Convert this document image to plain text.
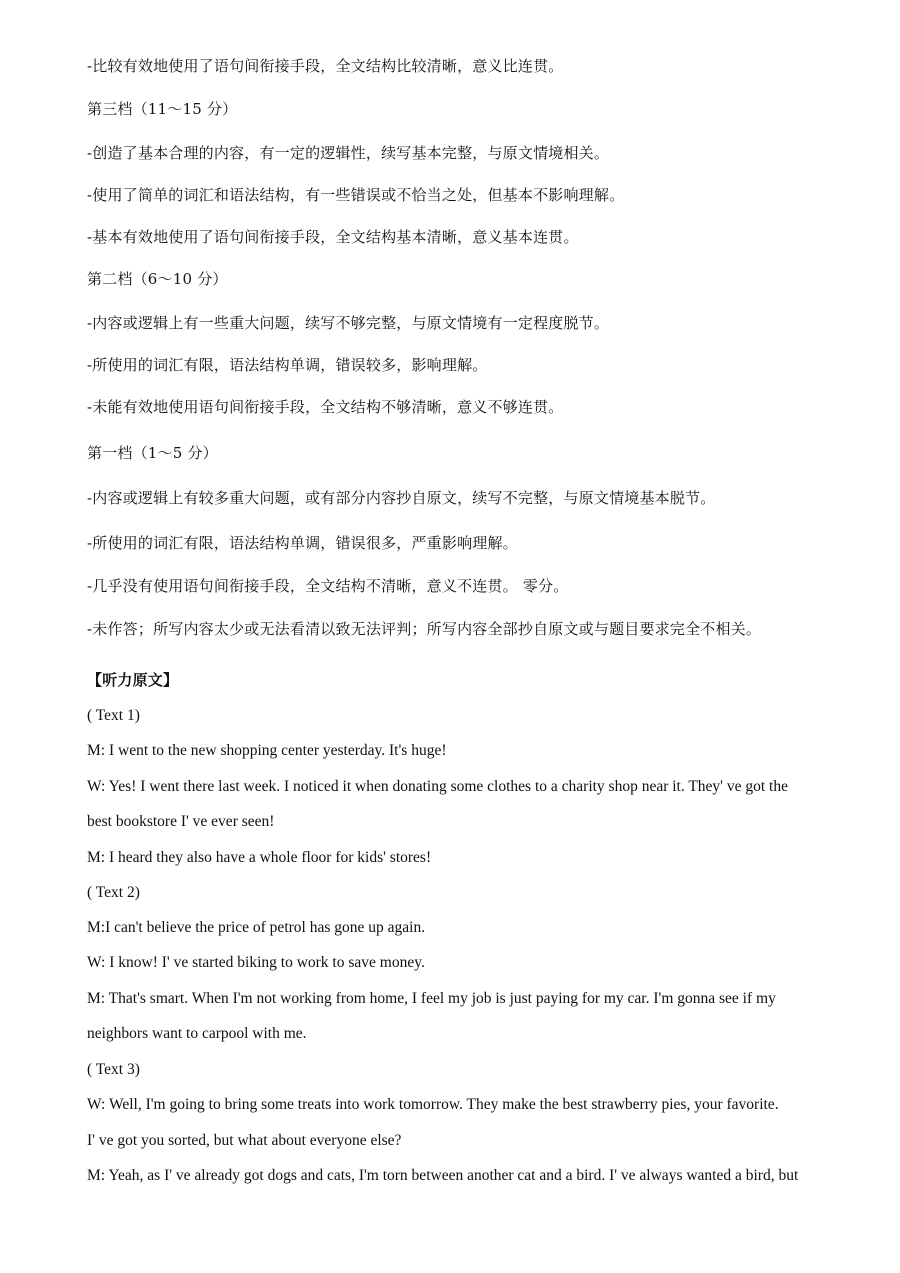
-比较有效地使用了语句间衔接手段，全文结构比较清晰，意义比连贯。
第三档（11～15 分）
-创造了基本合理的内容，有一定的逻辑性，续写基本完整，与原文情境相关。
-使用了简单的词汇和语法结构，有一些错误或不恰当之处，但基本不影响理解。
-基本有效地使用了语句间衔接手段，全文结构基本清晰，意义基本连贯。
第二档（6～10 分）
-内容或逻辑上有一些重大问题，续写不够完整，与原文情境有一定程度脱节。
-所使用的词汇有限，语法结构单调，错误较多，影响理解。
-未能有效地使用语句间衔接手段，全文结构不够清晰，意义不够连贯。
第一档（1～5 分）
-内容或逻辑上有较多重大问题，或有部分内容抄自原文，续写不完整，与原文情境基本脱节。
-所使用的词汇有限，语法结构单调，错误很多，严重影响理解。
-几乎没有使用语句间衔接手段，全文结构不清晰，意义不连贯。 零分。
-未作答；所写内容太少或无法看清以致无法评判；所写内容全部抄自原文或与题目要求完全不相关。
【听力原文】
( Text 1)
M: I went to the new shopping center yesterday. It's huge!
W: Yes! I went there last week. I noticed it when donating some clothes to a charity shop near it. They' ve got the
best bookstore I' ve ever seen!
M: I heard they also have a whole floor for kids' stores!
( Text 2)
M:I can't believe the price of petrol has gone up again.
W: I know! I' ve started biking to work to save money.
M: That's smart. When I'm not working from home, I feel my job is just paying for my car. I'm gonna see if my
neighbors want to carpool with me.
( Text 3)
W: Well, I'm going to bring some treats into work tomorrow. They make the best strawberry pies, your favorite.
I' ve got you sorted, but what about everyone else?
M: Yeah, as I' ve already got dogs and cats, I'm torn between another cat and a bird. I' ve always wanted a bird, but
